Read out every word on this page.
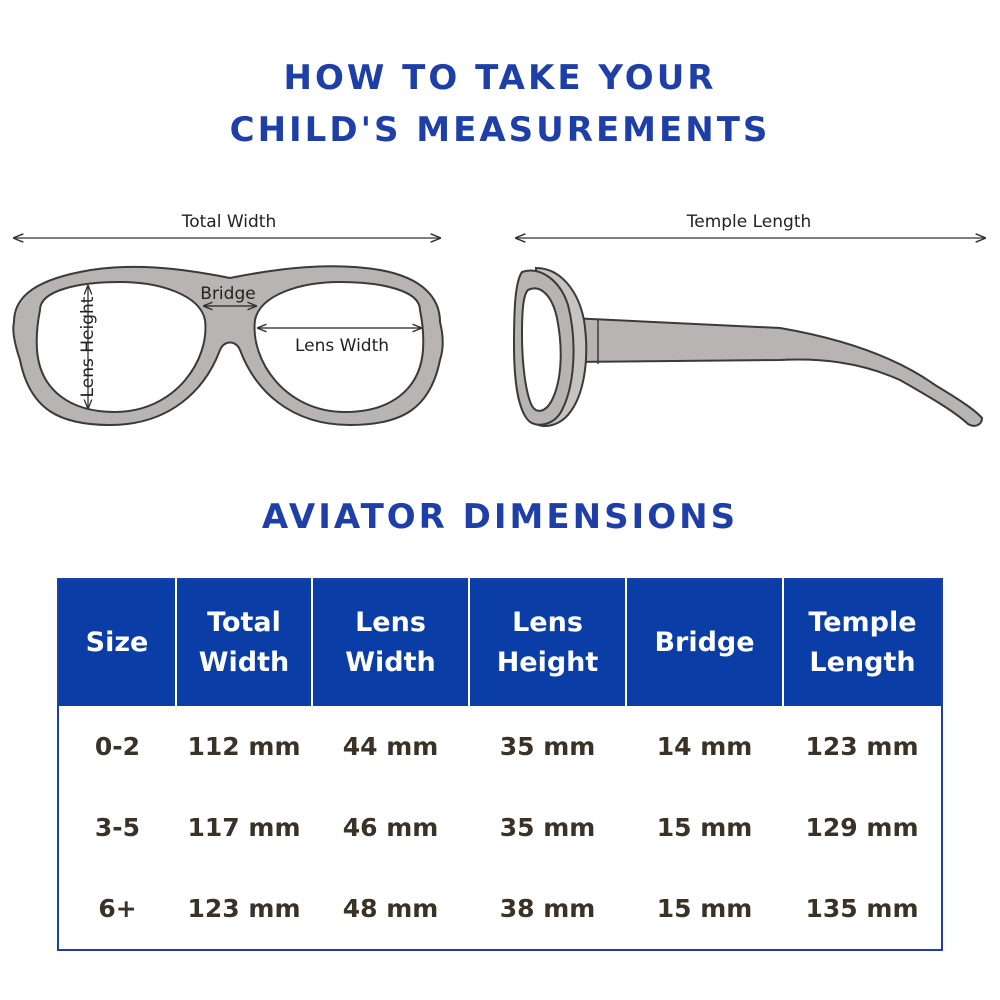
HOW TO TAKE YOUR
CHILD'S MEASUREMENTS
Total Width
Lens Height
Bridge
Lens Width
Temple Length
AVIATOR DIMENSIONS
Size	Total Width	Lens Width	Lens Height	Bridge	Temple Length
0-2	112 mm	44 mm	35 mm	14 mm	123 mm
3-5	117 mm	46 mm	35 mm	15 mm	129 mm
6+	123 mm	48 mm	38 mm	15 mm	135 mm
